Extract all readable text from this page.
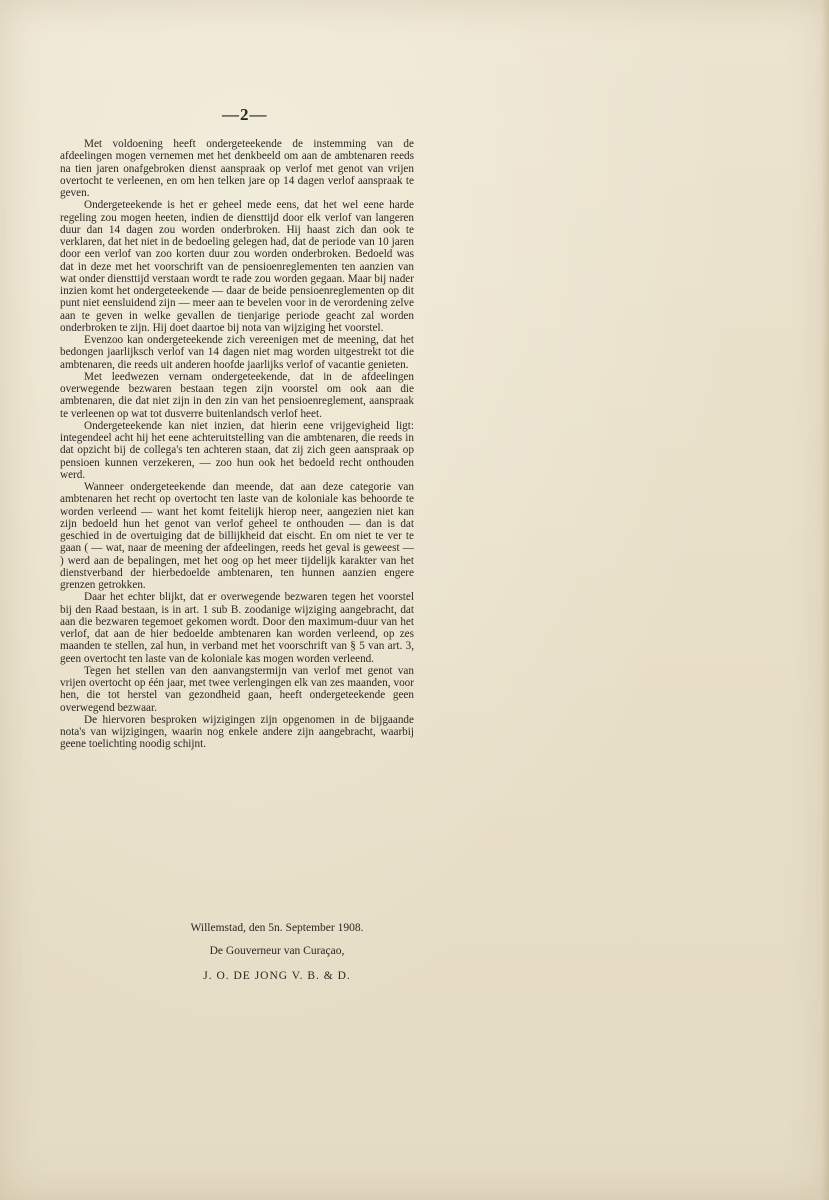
—2—

Met voldoening heeft ondergeteekende de instemming van de afdeelingen mogen vernemen met het denkbeeld om aan de ambtenaren reeds na tien jaren onafgebroken dienst aanspraak op verlof met genot van vrijen overtocht te verleenen, en om hen telken jare op 14 dagen verlof aanspraak te geven.

Ondergeteekende is het er geheel mede eens, dat het wel eene harde regeling zou mogen heeten, indien de diensttijd door elk verlof van langeren duur dan 14 dagen zou worden onderbroken. Hij haast zich dan ook te verklaren, dat het niet in de bedoeling gelegen had, dat de periode van 10 jaren door een verlof van zoo korten duur zou worden onderbroken. Bedoeld was dat in deze met het voorschrift van de pensioenreglementen ten aanzien van wat onder diensttijd verstaan wordt te rade zou worden gegaan. Maar bij nader inzien komt het ondergeteekende — daar de beide pensioenreglementen op dit punt niet eensluidend zijn — meer aan te bevelen voor in de verordening zelve aan te geven in welke gevallen de tienjarige periode geacht zal worden onderbroken te zijn. Hij doet daartoe bij nota van wijziging het voorstel.

Evenzoo kan ondergeteekende zich vereenigen met de meening, dat het bedongen jaarlijksch verlof van 14 dagen niet mag worden uitgestrekt tot die ambtenaren, die reeds uit anderen hoofde jaarlijks verlof of vacantie genieten.

Met leedwezen vernam ondergeteekende, dat in de afdeelingen overwegende bezwaren bestaan tegen zijn voorstel om ook aan die ambtenaren, die dat niet zijn in den zin van het pensioenreglement, aanspraak te verleenen op wat tot dusverre buitenlandsch verlof heet.

Ondergeteekende kan niet inzien, dat hierin eene vrijgevigheid ligt: integendeel acht hij het eene achteruitstelling van die ambtenaren, die reeds in dat opzicht bij de collega's ten achteren staan, dat zij zich geen aanspraak op pensioen kunnen verzekeren, — zoo hun ook het bedoeld recht onthouden werd.

Wanneer ondergeteekende dan meende, dat aan deze categorie van ambtenaren het recht op overtocht ten laste van de koloniale kas behoorde te worden verleend — want het komt feitelijk hierop neer, aangezien niet kan zijn bedoeld hun het genot van verlof geheel te onthouden — dan is dat geschied in de overtuiging dat de billijkheid dat eischt. En om niet te ver te gaan ( — wat, naar de meening der afdeelingen, reeds het geval is geweest — ) werd aan de bepalingen, met het oog op het meer tijdelijk karakter van het dienstverband der hierbedoelde ambtenaren, ten hunnen aanzien engere grenzen getrokken.

Daar het echter blijkt, dat er overwegende bezwaren tegen het voorstel bij den Raad bestaan, is in art. 1 sub B. zoodanige wijziging aangebracht, dat aan die bezwaren tegemoet gekomen wordt. Door den maximum-duur van het verlof, dat aan de hier bedoelde ambtenaren kan worden verleend, op zes maanden te stellen, zal hun, in verband met het voorschrift van § 5 van art. 3, geen overtocht ten laste van de koloniale kas mogen worden verleend.

Tegen het stellen van den aanvangstermijn van verlof met genot van vrijen overtocht op één jaar, met twee verlengingen elk van zes maanden, voor hen, die tot herstel van gezondheid gaan, heeft ondergeteekende geen overwegend bezwaar.

De hiervoren besproken wijzigingen zijn opgenomen in de bijgaande nota's van wijzigingen, waarin nog enkele andere zijn aangebracht, waarbij geene toelichting noodig schijnt.

Willemstad, den 5n. September 1908.
De Gouverneur van Curaçao,
J. O. DE JONG V. B. & D.
